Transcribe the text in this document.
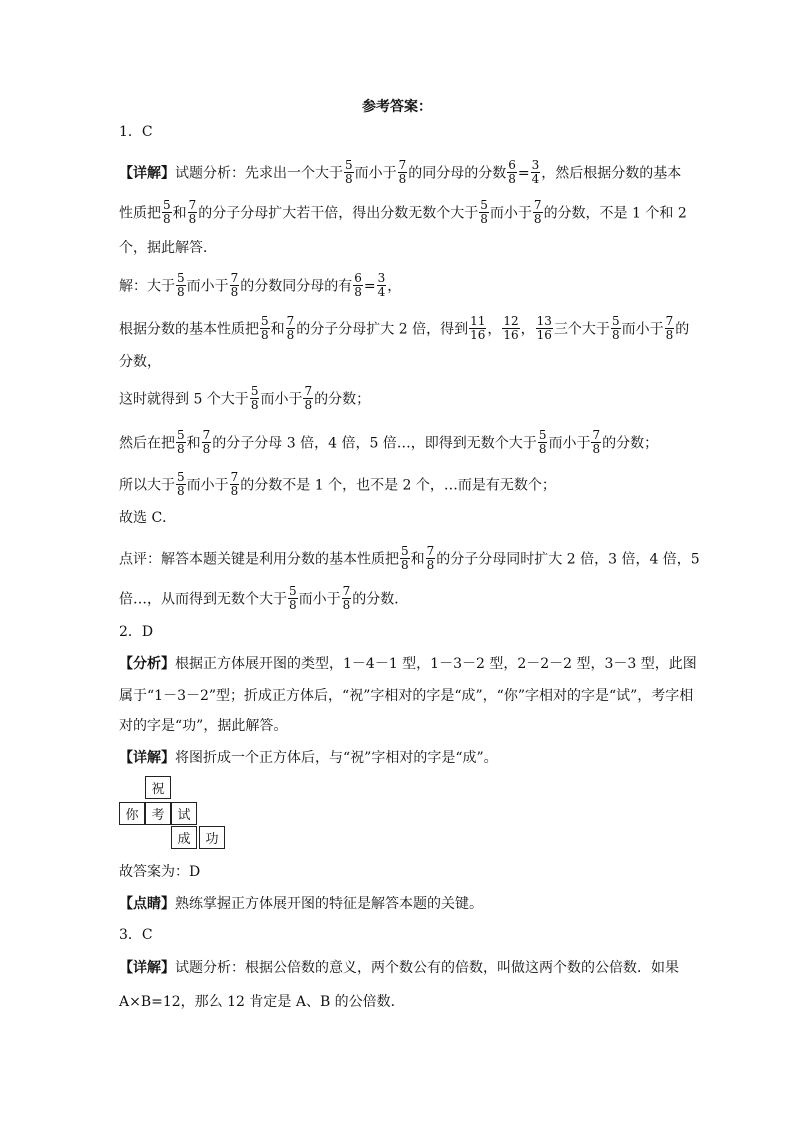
参考答案：
1．C
【详解】试题分析：先求出一个大于 $\frac{5}{8}$ 而小于 $\frac{7}{8}$ 的同分母的分数 $\frac{6}{8} = \frac{3}{4}$ ，然后根据分数的基本
性质把 $\frac{5}{8}$ 和 $\frac{7}{8}$ 的分子分母扩大若干倍，得出分数无数个大于 $\frac{5}{8}$ 而小于 $\frac{7}{8}$ 的分数，不是 1 个和 2
个，据此解答．
解：大于 $\frac{5}{8}$ 而小于 $\frac{7}{8}$ 的分数同分母的有 $\frac{6}{8} = \frac{3}{4}$ ，
根据分数的基本性质把 $\frac{5}{8}$ 和 $\frac{7}{8}$ 的分子分母扩大 2 倍，得到 $\frac{11}{16}$ ， $\frac{12}{16}$ ， $\frac{13}{16}$ 三个大于 $\frac{5}{8}$ 而小于 $\frac{7}{8}$ 的
分数，
这时就得到 5 个大于 $\frac{5}{8}$ 而小于 $\frac{7}{8}$ 的分数；
然后在把 $\frac{5}{8}$ 和 $\frac{7}{8}$ 的分子分母 3 倍，4 倍，5 倍…，即得到无数个大于 $\frac{5}{8}$ 而小于 $\frac{7}{8}$ 的分数；
所以大于 $\frac{5}{8}$ 而小于 $\frac{7}{8}$ 的分数不是 1 个，也不是 2 个，…而是有无数个；
故选 C．
点评：解答本题关键是利用分数的基本性质把 $\frac{5}{8}$ 和 $\frac{7}{8}$ 的分子分母同时扩大 2 倍，3 倍，4 倍，5
倍…，从而得到无数个大于 $\frac{5}{8}$ 而小于 $\frac{7}{8}$ 的分数．
2．D
【分析】根据正方体展开图的类型，1－4－1 型，1－3－2 型，2－2－2 型，3－3 型，此图
属于“1－3－2”型；折成正方体后，“祝”字相对的字是“成”，“你”字相对的字是“试”，考字相
对的字是“功”，据此解答。
【详解】将图折成一个正方体后，与“祝”字相对的字是“成”。
祝
你 考 试
成	功
故答案为：D
【点睛】熟练掌握正方体展开图的特征是解答本题的关键。
3．C
【详解】试题分析：根据公倍数的意义，两个数公有的倍数，叫做这两个数的公倍数．如果
A×B=12，那么 12 肯定是 A、B 的公倍数．
